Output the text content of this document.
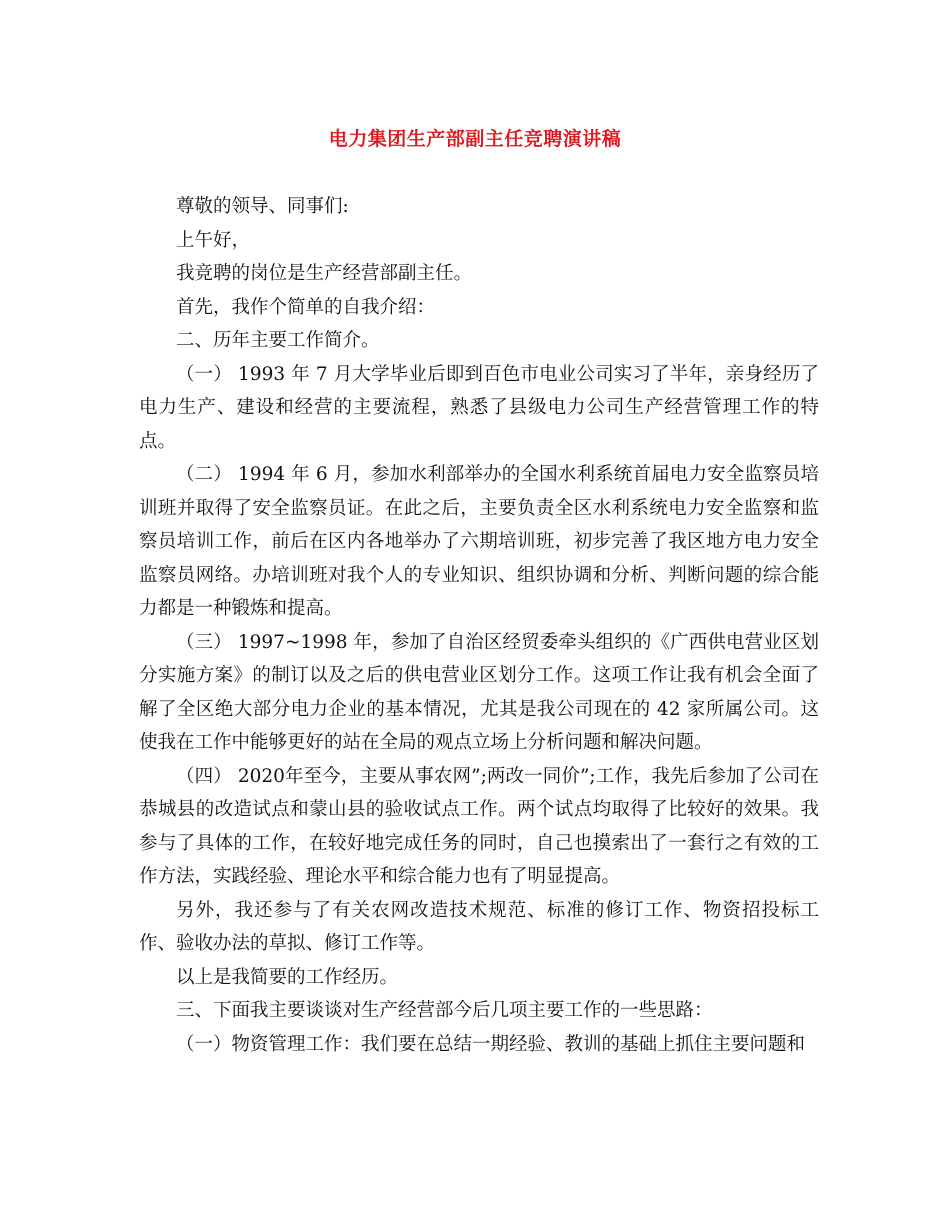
电力集团生产部副主任竞聘演讲稿

尊敬的领导、同事们:

上午好，

我竞聘的岗位是生产经营部副主任。

首先，我作个简单的自我介绍：

二、历年主要工作简介。

（一） 1993 年 7 月大学毕业后即到百色市电业公司实习了半年，亲身经历了电力生产、建设和经营的主要流程，熟悉了县级电力公司生产经营管理工作的特点。

（二） 1994 年 6 月，参加水利部举办的全国水利系统首届电力安全监察员培训班并取得了安全监察员证。在此之后，主要负责全区水利系统电力安全监察和监察员培训工作，前后在区内各地举办了六期培训班，初步完善了我区地方电力安全监察员网络。办培训班对我个人的专业知识、组织协调和分析、判断问题的综合能力都是一种锻炼和提高。

（三） 1997~1998 年，参加了自治区经贸委牵头组织的《广西供电营业区划分实施方案》的制订以及之后的供电营业区划分工作。这项工作让我有机会全面了解了全区绝大部分电力企业的基本情况，尤其是我公司现在的 42 家所属公司。这使我在工作中能够更好的站在全局的观点立场上分析问题和解决问题。

（四） 2020年至今，主要从事农网”;两改一同价”;工作，我先后参加了公司在恭城县的改造试点和蒙山县的验收试点工作。两个试点均取得了比较好的效果。我参与了具体的工作，在较好地完成任务的同时，自己也摸索出了一套行之有效的工作方法，实践经验、理论水平和综合能力也有了明显提高。

另外，我还参与了有关农网改造技术规范、标准的修订工作、物资招投标工作、验收办法的草拟、修订工作等。

以上是我简要的工作经历。

三、下面我主要谈谈对生产经营部今后几项主要工作的一些思路：

（一）物资管理工作：我们要在总结一期经验、教训的基础上抓住主要问题和
